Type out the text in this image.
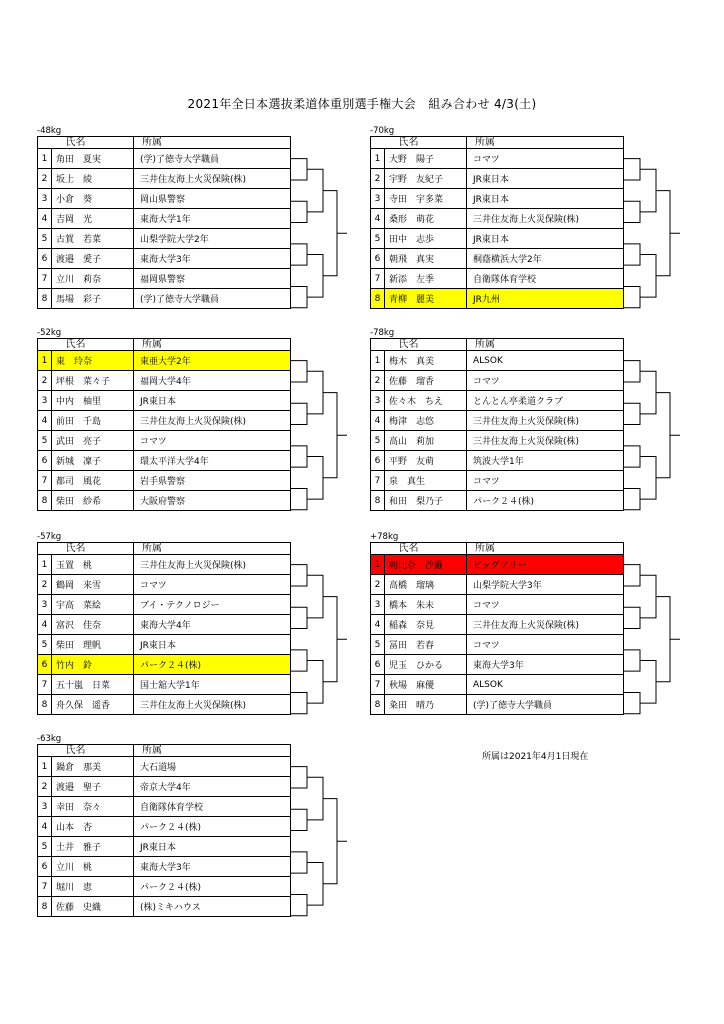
2021年全日本選抜柔道体重別選手権大会　組み合わせ 4/3(土)
-48kg
	氏名	所属
1	角田　夏実	(学)了徳寺大学職員
2	坂上　綾	三井住友海上火災保険(株)
3	小倉　葵	岡山県警察
4	吉岡　光	東海大学1年
5	古賀　若菜	山梨学院大学2年
6	渡邉　愛子	東海大学3年
7	立川　莉奈	福岡県警察
8	馬場　彩子	(学)了徳寺大学職員
-70kg
	氏名	所属
1	大野　陽子	コマツ
2	宇野　友紀子	JR東日本
3	寺田　宇多菜	JR東日本
4	桑形　萌花	三井住友海上火災保険(株)
5	田中　志歩	JR東日本
6	朝飛　真実	桐蔭横浜大学2年
7	新添　左季	自衛隊体育学校
8	青柳　麗美	JR九州
-52kg
	氏名	所属
1	東　玲奈	東亜大学2年
2	坪根　菜々子	福岡大学4年
3	中内　柚里	JR東日本
4	前田　千島	三井住友海上火災保険(株)
5	武田　亮子	コマツ
6	新城　凜子	環太平洋大学4年
7	都司　風花	岩手県警察
8	柴田　紗希	大阪府警察
-78kg
	氏名	所属
1	梅木　真美	ALSOK
2	佐藤　瑠香	コマツ
3	佐々木　ちえ	とんとん亭柔道クラブ
4	梅津　志悠	三井住友海上火災保険(株)
5	高山　莉加	三井住友海上火災保険(株)
6	平野　友萌	筑波大学1年
7	泉　真生	コマツ
8	和田　梨乃子	パーク２４(株)
-57kg
	氏名	所属
1	玉置　桃	三井住友海上火災保険(株)
2	鶴岡　来雪	コマツ
3	宇高　菜絵	ブイ・テクノロジー
4	富沢　佳奈	東海大学4年
5	柴田　理帆	JR東日本
6	竹内　鈴	パーク２４(株)
7	五十嵐　日菜	国士舘大学1年
8	舟久保　遥香	三井住友海上火災保険(株)
+78kg
	氏名	所属
1	朝比奈　沙羅	ビッグツリー
2	高橋　瑠璃	山梨学院大学3年
3	橋本　朱未	コマツ
4	稲森　奈見	三井住友海上火災保険(株)
5	冨田　若春	コマツ
6	児玉　ひかる	東海大学3年
7	秋場　麻優	ALSOK
8	粂田　晴乃	(学)了徳寺大学職員
-63kg
	氏名	所属
1	鍋倉　那美	大石道場
2	渡邉　聖子	帝京大学4年
3	幸田　奈々	自衛隊体育学校
4	山本　杏	パーク２４(株)
5	土井　雅子	JR東日本
6	立川　桃	東海大学3年
7	堀川　恵	パーク２４(株)
8	佐藤　史織	(株)ミキハウス
所属は2021年4月1日現在
